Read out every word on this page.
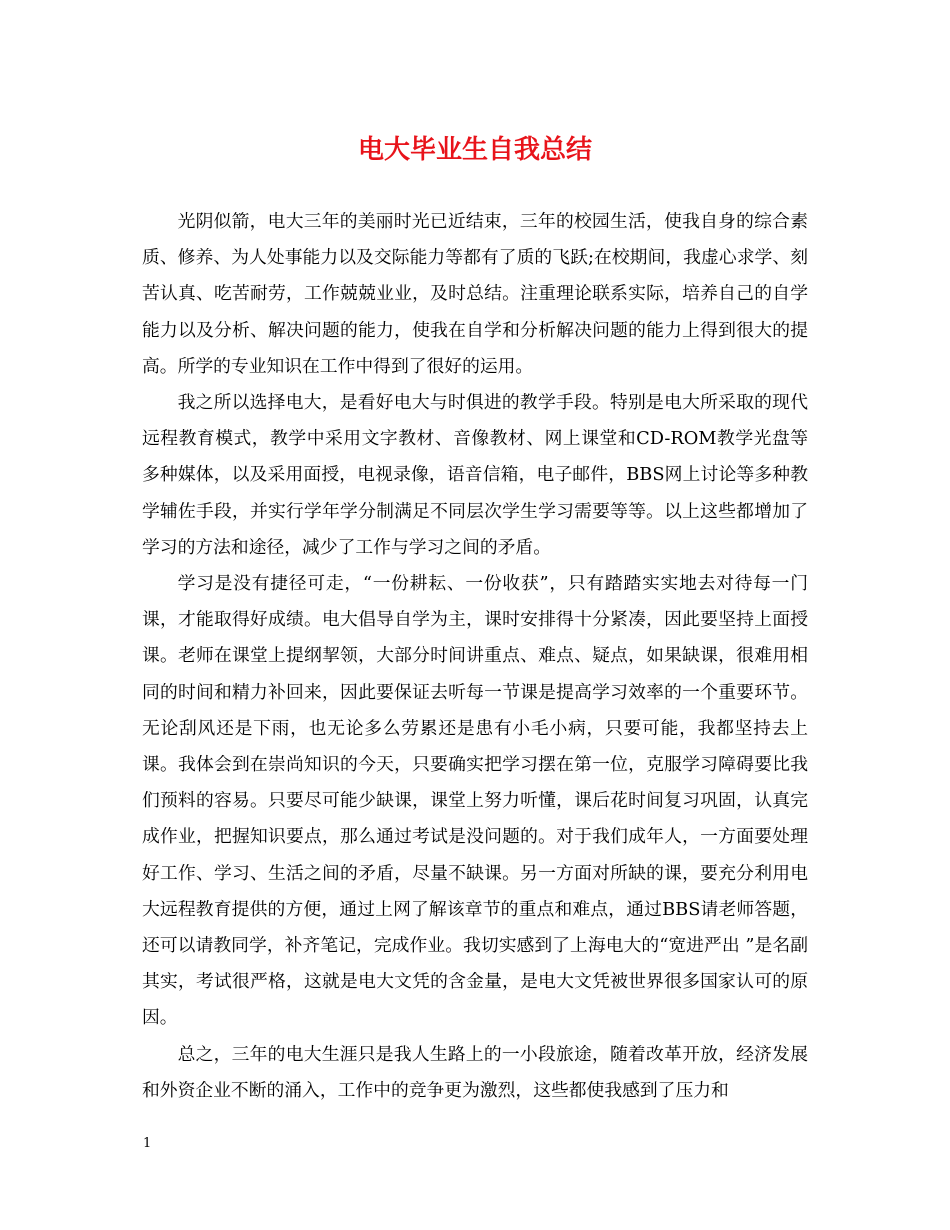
电大毕业生自我总结

光阴似箭，电大三年的美丽时光已近结束，三年的校园生活，使我自身的综合素质、修养、为人处事能力以及交际能力等都有了质的飞跃;在校期间，我虚心求学、刻苦认真、吃苦耐劳，工作兢兢业业，及时总结。注重理论联系实际，培养自己的自学能力以及分析、解决问题的能力，使我在自学和分析解决问题的能力上得到很大的提高。所学的专业知识在工作中得到了很好的运用。

我之所以选择电大，是看好电大与时俱进的教学手段。特别是电大所采取的现代远程教育模式，教学中采用文字教材、音像教材、网上课堂和CD-ROM教学光盘等多种媒体，以及采用面授，电视录像，语音信箱，电子邮件，BBS网上讨论等多种教学辅佐手段，并实行学年学分制满足不同层次学生学习需要等等。以上这些都增加了学习的方法和途径，减少了工作与学习之间的矛盾。

学习是没有捷径可走，“一份耕耘、一份收获”，只有踏踏实实地去对待每一门课，才能取得好成绩。电大倡导自学为主，课时安排得十分紧凑，因此要坚持上面授课。老师在课堂上提纲挈领，大部分时间讲重点、难点、疑点，如果缺课，很难用相同的时间和精力补回来，因此要保证去听每一节课是提高学习效率的一个重要环节。无论刮风还是下雨，也无论多么劳累还是患有小毛小病，只要可能，我都坚持去上课。我体会到在崇尚知识的今天，只要确实把学习摆在第一位，克服学习障碍要比我们预料的容易。只要尽可能少缺课，课堂上努力听懂，课后花时间复习巩固，认真完成作业，把握知识要点，那么通过考试是没问题的。对于我们成年人，一方面要处理好工作、学习、生活之间的矛盾，尽量不缺课。另一方面对所缺的课，要充分利用电大远程教育提供的方便，通过上网了解该章节的重点和难点，通过BBS请老师答题，还可以请教同学，补齐笔记，完成作业。我切实感到了上海电大的“宽进严出 ”是名副其实，考试很严格，这就是电大文凭的含金量，是电大文凭被世界很多国家认可的原因。

总之，三年的电大生涯只是我人生路上的一小段旅途，随着改革开放，经济发展和外资企业不断的涌入，工作中的竞争更为激烈，这些都使我感到了压力和

1
